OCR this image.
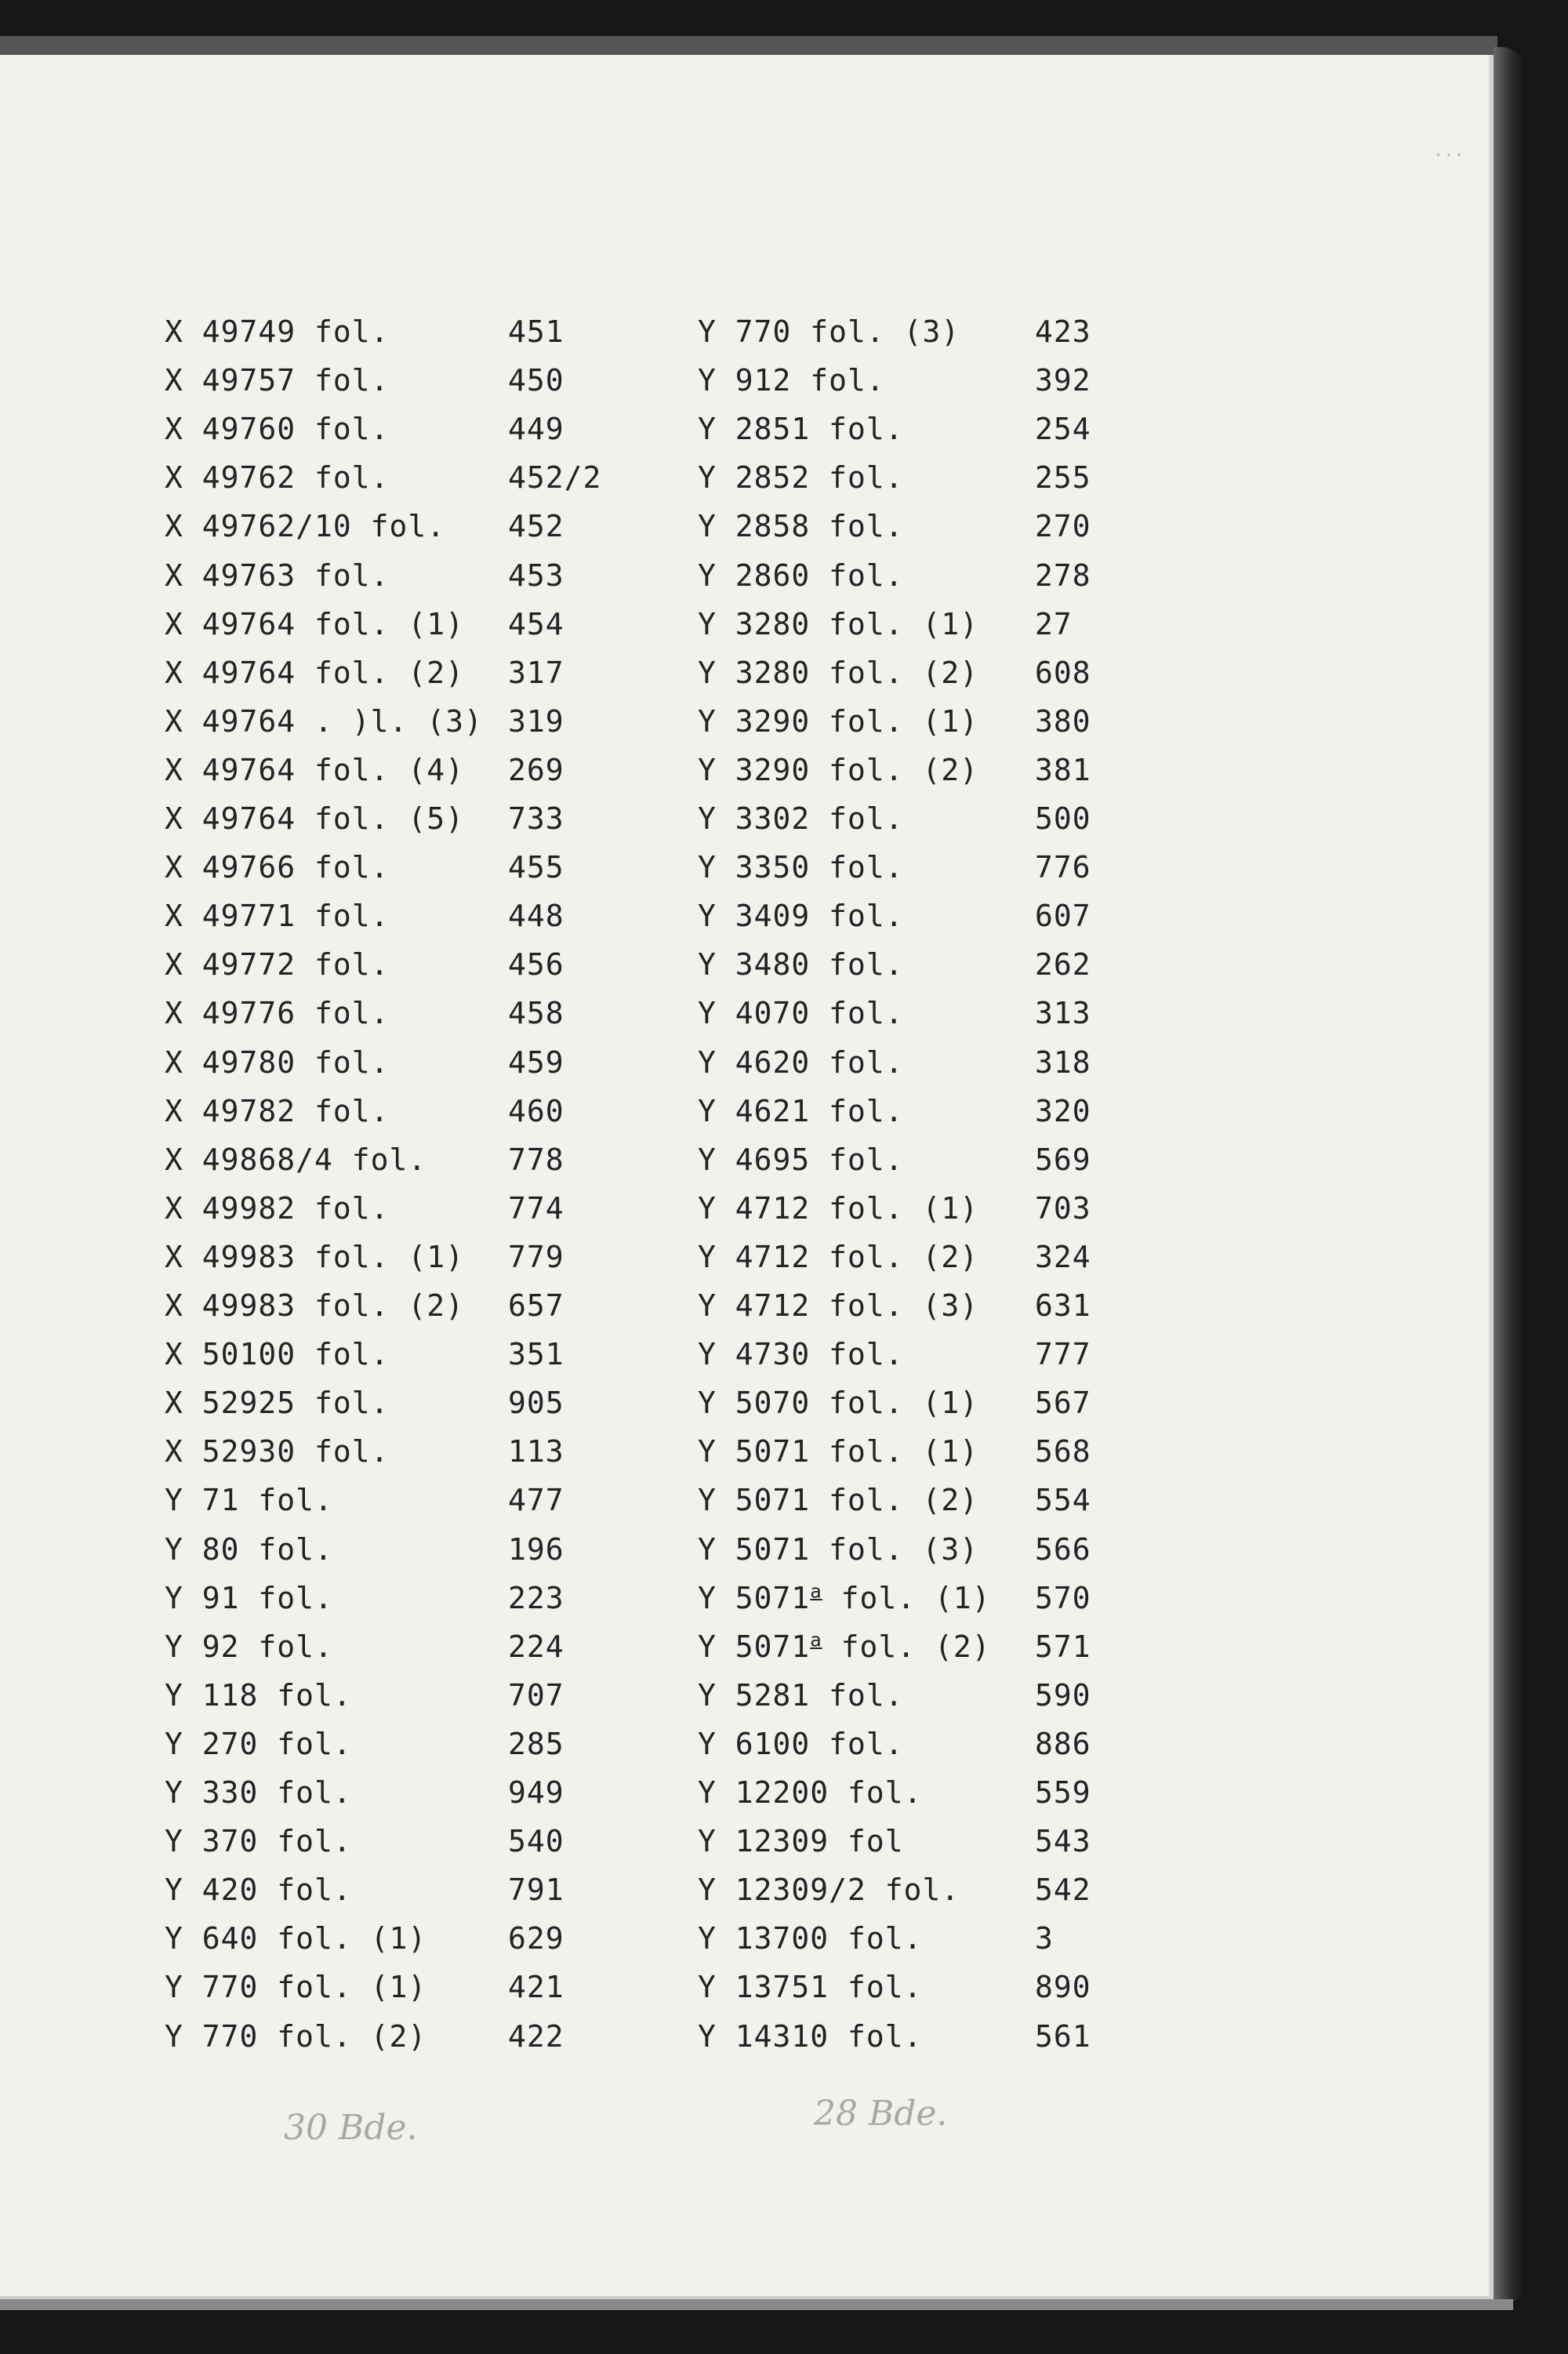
...
X 49749 fol.	451
X 49757 fol.	450
X 49760 fol.	449
X 49762 fol.	452/2
X 49762/10 fol. 452
X 49763 fol.	453
X 49764 fol. (1) 454
X 49764 fol. (2) 317
X 49764 . )l. (3) 319
X 49764 fol. (4) 269
X 49764 fol. (5) 733
X 49766 fol.	455
X 49771 fol.	448
X 49772 fol.	456
X 49776 fol.	458
X 49780 fol.	459
X 49782 fol.	460
X 49868/4 fol.	778
X 49982 fol.	774
X 49983 fol. (1) 779
X 49983 fol. (2) 657
X 50100 fol.	351
X 52925 fol.	905
X 52930 fol.	113
Y 71 fol.	477
Y 80 fol.	196
Y 91 fol.	223
Y 92 fol.	224
Y 118 fol.	707
Y 270 fol.	285
Y 330 fol.	949
Y 370 fol.	540
Y 420 fol.	791
Y 640 fol. (1)	629
Y 770 fol. (1)	421
Y 770 fol. (2)	422
Y 770 fol. (3)	423
Y 912 fol.	392
Y 2851 fol.	254
Y 2852 fol.	255
Y 2858 fol.	270
Y 2860 fol.	278
Y 3280 fol. (1) 27
Y 3280 fol. (2) 608
Y 3290 fol. (1) 380
Y 3290 fol. (2) 381
Y 3302 fol.	500
Y 3350 fol.	776
Y 3409 fol.	607
Y 3480 fol.	262
Y 4070 fol.	313
Y 4620 fol.	318
Y 4621 fol.	320
Y 4695 fol.	569
Y 4712 fol. (1) 703
Y 4712 fol. (2) 324
Y 4712 fol. (3) 631
Y 4730 fol.	777
Y 5070 fol. (1) 567
Y 5071 fol. (1) 568
Y 5071 fol. (2) 554
Y 5071 fol. (3) 566
Y 5071$^a$ fol. (1) 570
Y 5071$^a$ fol. (2) 571
Y 5281 fol.	590
Y 6100 fol.	886
Y 12200 fol.	559
Y 12309 fol	543
Y 12309/2 fol.	542
Y 13700 fol.	3
Y 13751 fol.	890
Y 14310 fol.	561
30 Bde.	28 Bde.
